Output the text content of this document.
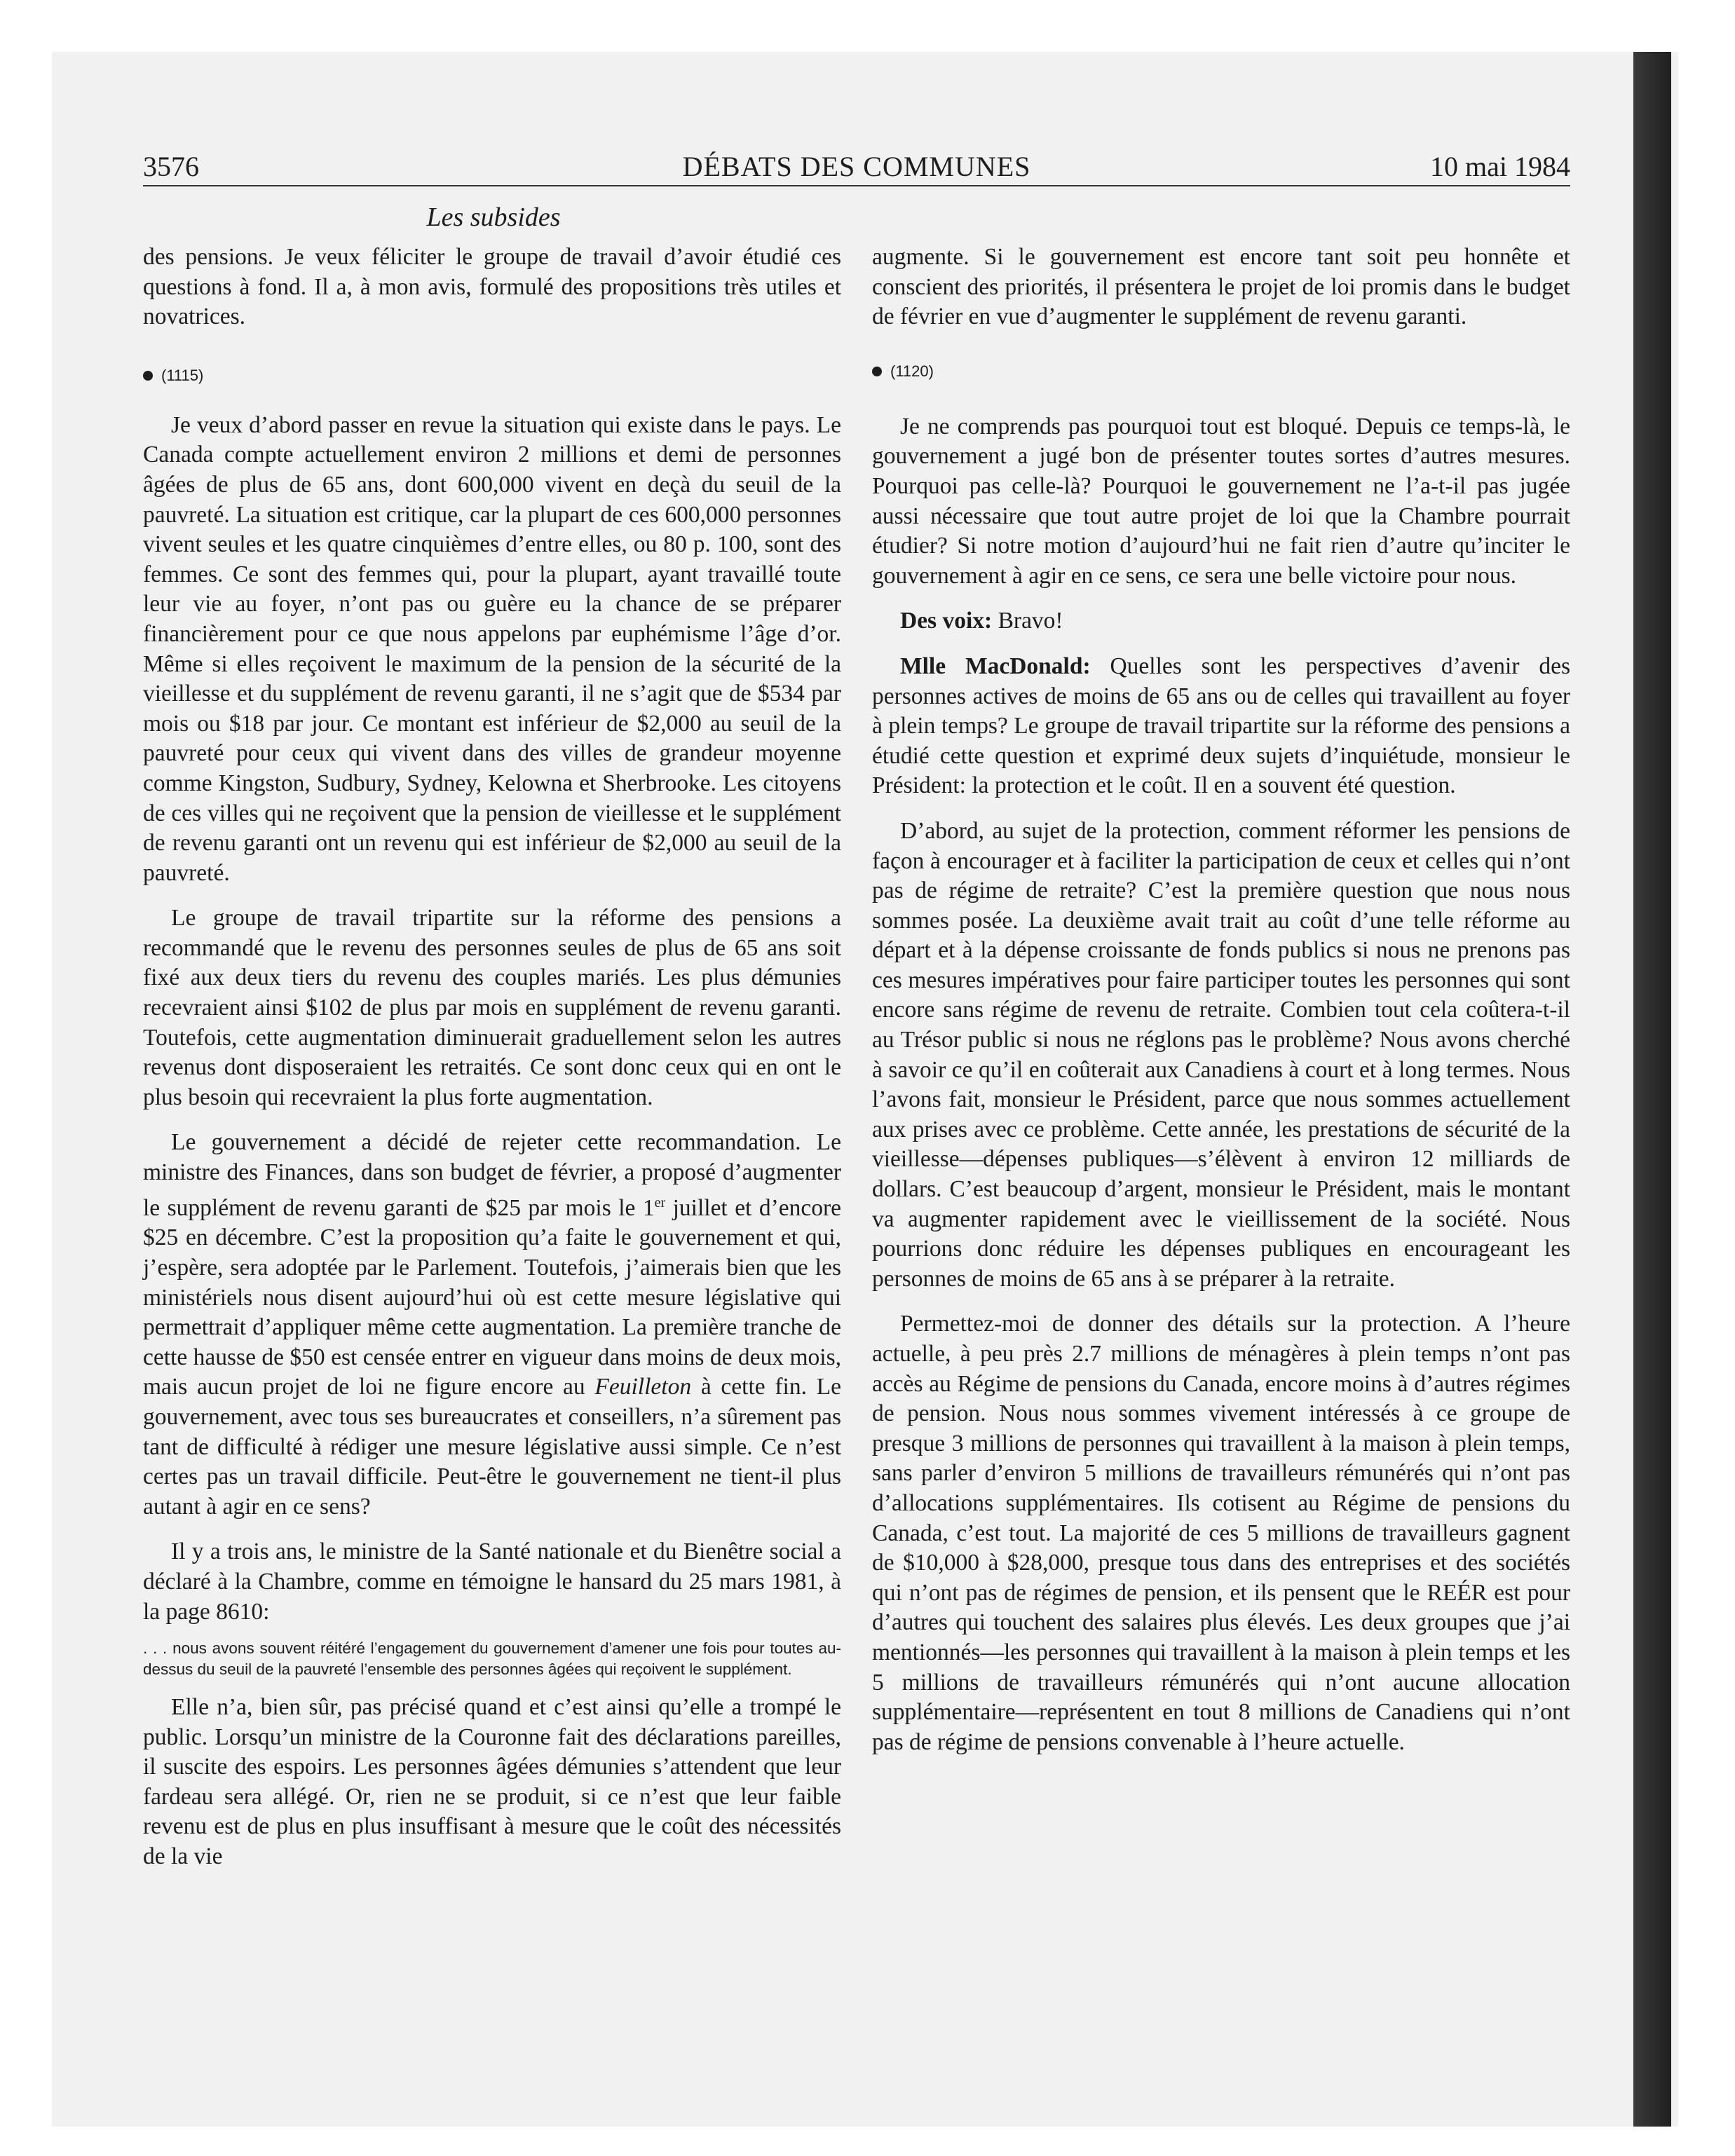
3576	DÉBATS DES COMMUNES	10 mai 1984
Les subsides

des pensions. Je veux féliciter le groupe de travail d’avoir étudié ces questions à fond. Il a, à mon avis, formulé des propositions très utiles et novatrices.

(1115)

Je veux d’abord passer en revue la situation qui existe dans le pays. Le Canada compte actuellement environ 2 millions et demi de personnes âgées de plus de 65 ans, dont 600,000 vivent en deçà du seuil de la pauvreté. La situation est critique, car la plupart de ces 600,000 personnes vivent seules et les quatre cinquièmes d’entre elles, ou 80 p. 100, sont des femmes. Ce sont des femmes qui, pour la plupart, ayant travaillé toute leur vie au foyer, n’ont pas ou guère eu la chance de se préparer financièrement pour ce que nous appelons par euphémisme l’âge d’or. Même si elles reçoivent le maximum de la pension de la sécurité de la vieillesse et du supplément de revenu garanti, il ne s’agit que de $534 par mois ou $18 par jour. Ce montant est inférieur de $2,000 au seuil de la pauvreté pour ceux qui vivent dans des villes de grandeur moyenne comme Kingston, Sudbury, Sydney, Kelowna et Sherbrooke. Les citoyens de ces villes qui ne reçoivent que la pension de vieillesse et le supplément de revenu garanti ont un revenu qui est inférieur de $2,000 au seuil de la pauvreté.

Le groupe de travail tripartite sur la réforme des pensions a recommandé que le revenu des personnes seules de plus de 65 ans soit fixé aux deux tiers du revenu des couples mariés. Les plus démunies recevraient ainsi $102 de plus par mois en supplément de revenu garanti. Toutefois, cette augmentation diminuerait graduellement selon les autres revenus dont disposeraient les retraités. Ce sont donc ceux qui en ont le plus besoin qui recevraient la plus forte augmentation.

Le gouvernement a décidé de rejeter cette recommandation. Le ministre des Finances, dans son budget de février, a proposé d’augmenter le supplément de revenu garanti de $25 par mois le 1er juillet et d’encore $25 en décembre. C’est la proposition qu’a faite le gouvernement et qui, j’espère, sera adoptée par le Parlement. Toutefois, j’aimerais bien que les ministériels nous disent aujourd’hui où est cette mesure législative qui permettrait d’appliquer même cette augmentation. La première tranche de cette hausse de $50 est censée entrer en vigueur dans moins de deux mois, mais aucun projet de loi ne figure encore au Feuilleton à cette fin. Le gouvernement, avec tous ses bureaucrates et conseillers, n’a sûrement pas tant de difficulté à rédiger une mesure législative aussi simple. Ce n’est certes pas un travail difficile. Peut-être le gouvernement ne tient-il plus autant à agir en ce sens?

Il y a trois ans, le ministre de la Santé nationale et du Bienêtre social a déclaré à la Chambre, comme en témoigne le hansard du 25 mars 1981, à la page 8610:

. . . nous avons souvent réitéré l’engagement du gouvernement d’amener une fois pour toutes au-dessus du seuil de la pauvreté l’ensemble des personnes âgées qui reçoivent le supplément.

Elle n’a, bien sûr, pas précisé quand et c’est ainsi qu’elle a trompé le public. Lorsqu’un ministre de la Couronne fait des déclarations pareilles, il suscite des espoirs. Les personnes âgées démunies s’attendent que leur fardeau sera allégé. Or, rien ne se produit, si ce n’est que leur faible revenu est de plus en plus insuffisant à mesure que le coût des nécessités de la vie

augmente. Si le gouvernement est encore tant soit peu honnête et conscient des priorités, il présentera le projet de loi promis dans le budget de février en vue d’augmenter le supplément de revenu garanti.

(1120)

Je ne comprends pas pourquoi tout est bloqué. Depuis ce temps-là, le gouvernement a jugé bon de présenter toutes sortes d’autres mesures. Pourquoi pas celle-là? Pourquoi le gouvernement ne l’a-t-il pas jugée aussi nécessaire que tout autre projet de loi que la Chambre pourrait étudier? Si notre motion d’aujourd’hui ne fait rien d’autre qu’inciter le gouvernement à agir en ce sens, ce sera une belle victoire pour nous.

Des voix: Bravo!

Mlle MacDonald: Quelles sont les perspectives d’avenir des personnes actives de moins de 65 ans ou de celles qui travaillent au foyer à plein temps? Le groupe de travail tripartite sur la réforme des pensions a étudié cette question et exprimé deux sujets d’inquiétude, monsieur le Président: la protection et le coût. Il en a souvent été question.

D’abord, au sujet de la protection, comment réformer les pensions de façon à encourager et à faciliter la participation de ceux et celles qui n’ont pas de régime de retraite? C’est la première question que nous nous sommes posée. La deuxième avait trait au coût d’une telle réforme au départ et à la dépense croissante de fonds publics si nous ne prenons pas ces mesures impératives pour faire participer toutes les personnes qui sont encore sans régime de revenu de retraite. Combien tout cela coûtera-t-il au Trésor public si nous ne réglons pas le problème? Nous avons cherché à savoir ce qu’il en coûterait aux Canadiens à court et à long termes. Nous l’avons fait, monsieur le Président, parce que nous sommes actuellement aux prises avec ce problème. Cette année, les prestations de sécurité de la vieillesse—dépenses publiques—s’élèvent à environ 12 milliards de dollars. C’est beaucoup d’argent, monsieur le Président, mais le montant va augmenter rapidement avec le vieillissement de la société. Nous pourrions donc réduire les dépenses publiques en encourageant les personnes de moins de 65 ans à se préparer à la retraite.

Permettez-moi de donner des détails sur la protection. A l’heure actuelle, à peu près 2.7 millions de ménagères à plein temps n’ont pas accès au Régime de pensions du Canada, encore moins à d’autres régimes de pension. Nous nous sommes vivement intéressés à ce groupe de presque 3 millions de personnes qui travaillent à la maison à plein temps, sans parler d’environ 5 millions de travailleurs rémunérés qui n’ont pas d’allocations supplémentaires. Ils cotisent au Régime de pensions du Canada, c’est tout. La majorité de ces 5 millions de travailleurs gagnent de $10,000 à $28,000, presque tous dans des entreprises et des sociétés qui n’ont pas de régimes de pension, et ils pensent que le REÉR est pour d’autres qui touchent des salaires plus élevés. Les deux groupes que j’ai mentionnés—les personnes qui travaillent à la maison à plein temps et les 5 millions de travailleurs rémunérés qui n’ont aucune allocation supplémentaire—représentent en tout 8 millions de Canadiens qui n’ont pas de régime de pensions convenable à l’heure actuelle.
